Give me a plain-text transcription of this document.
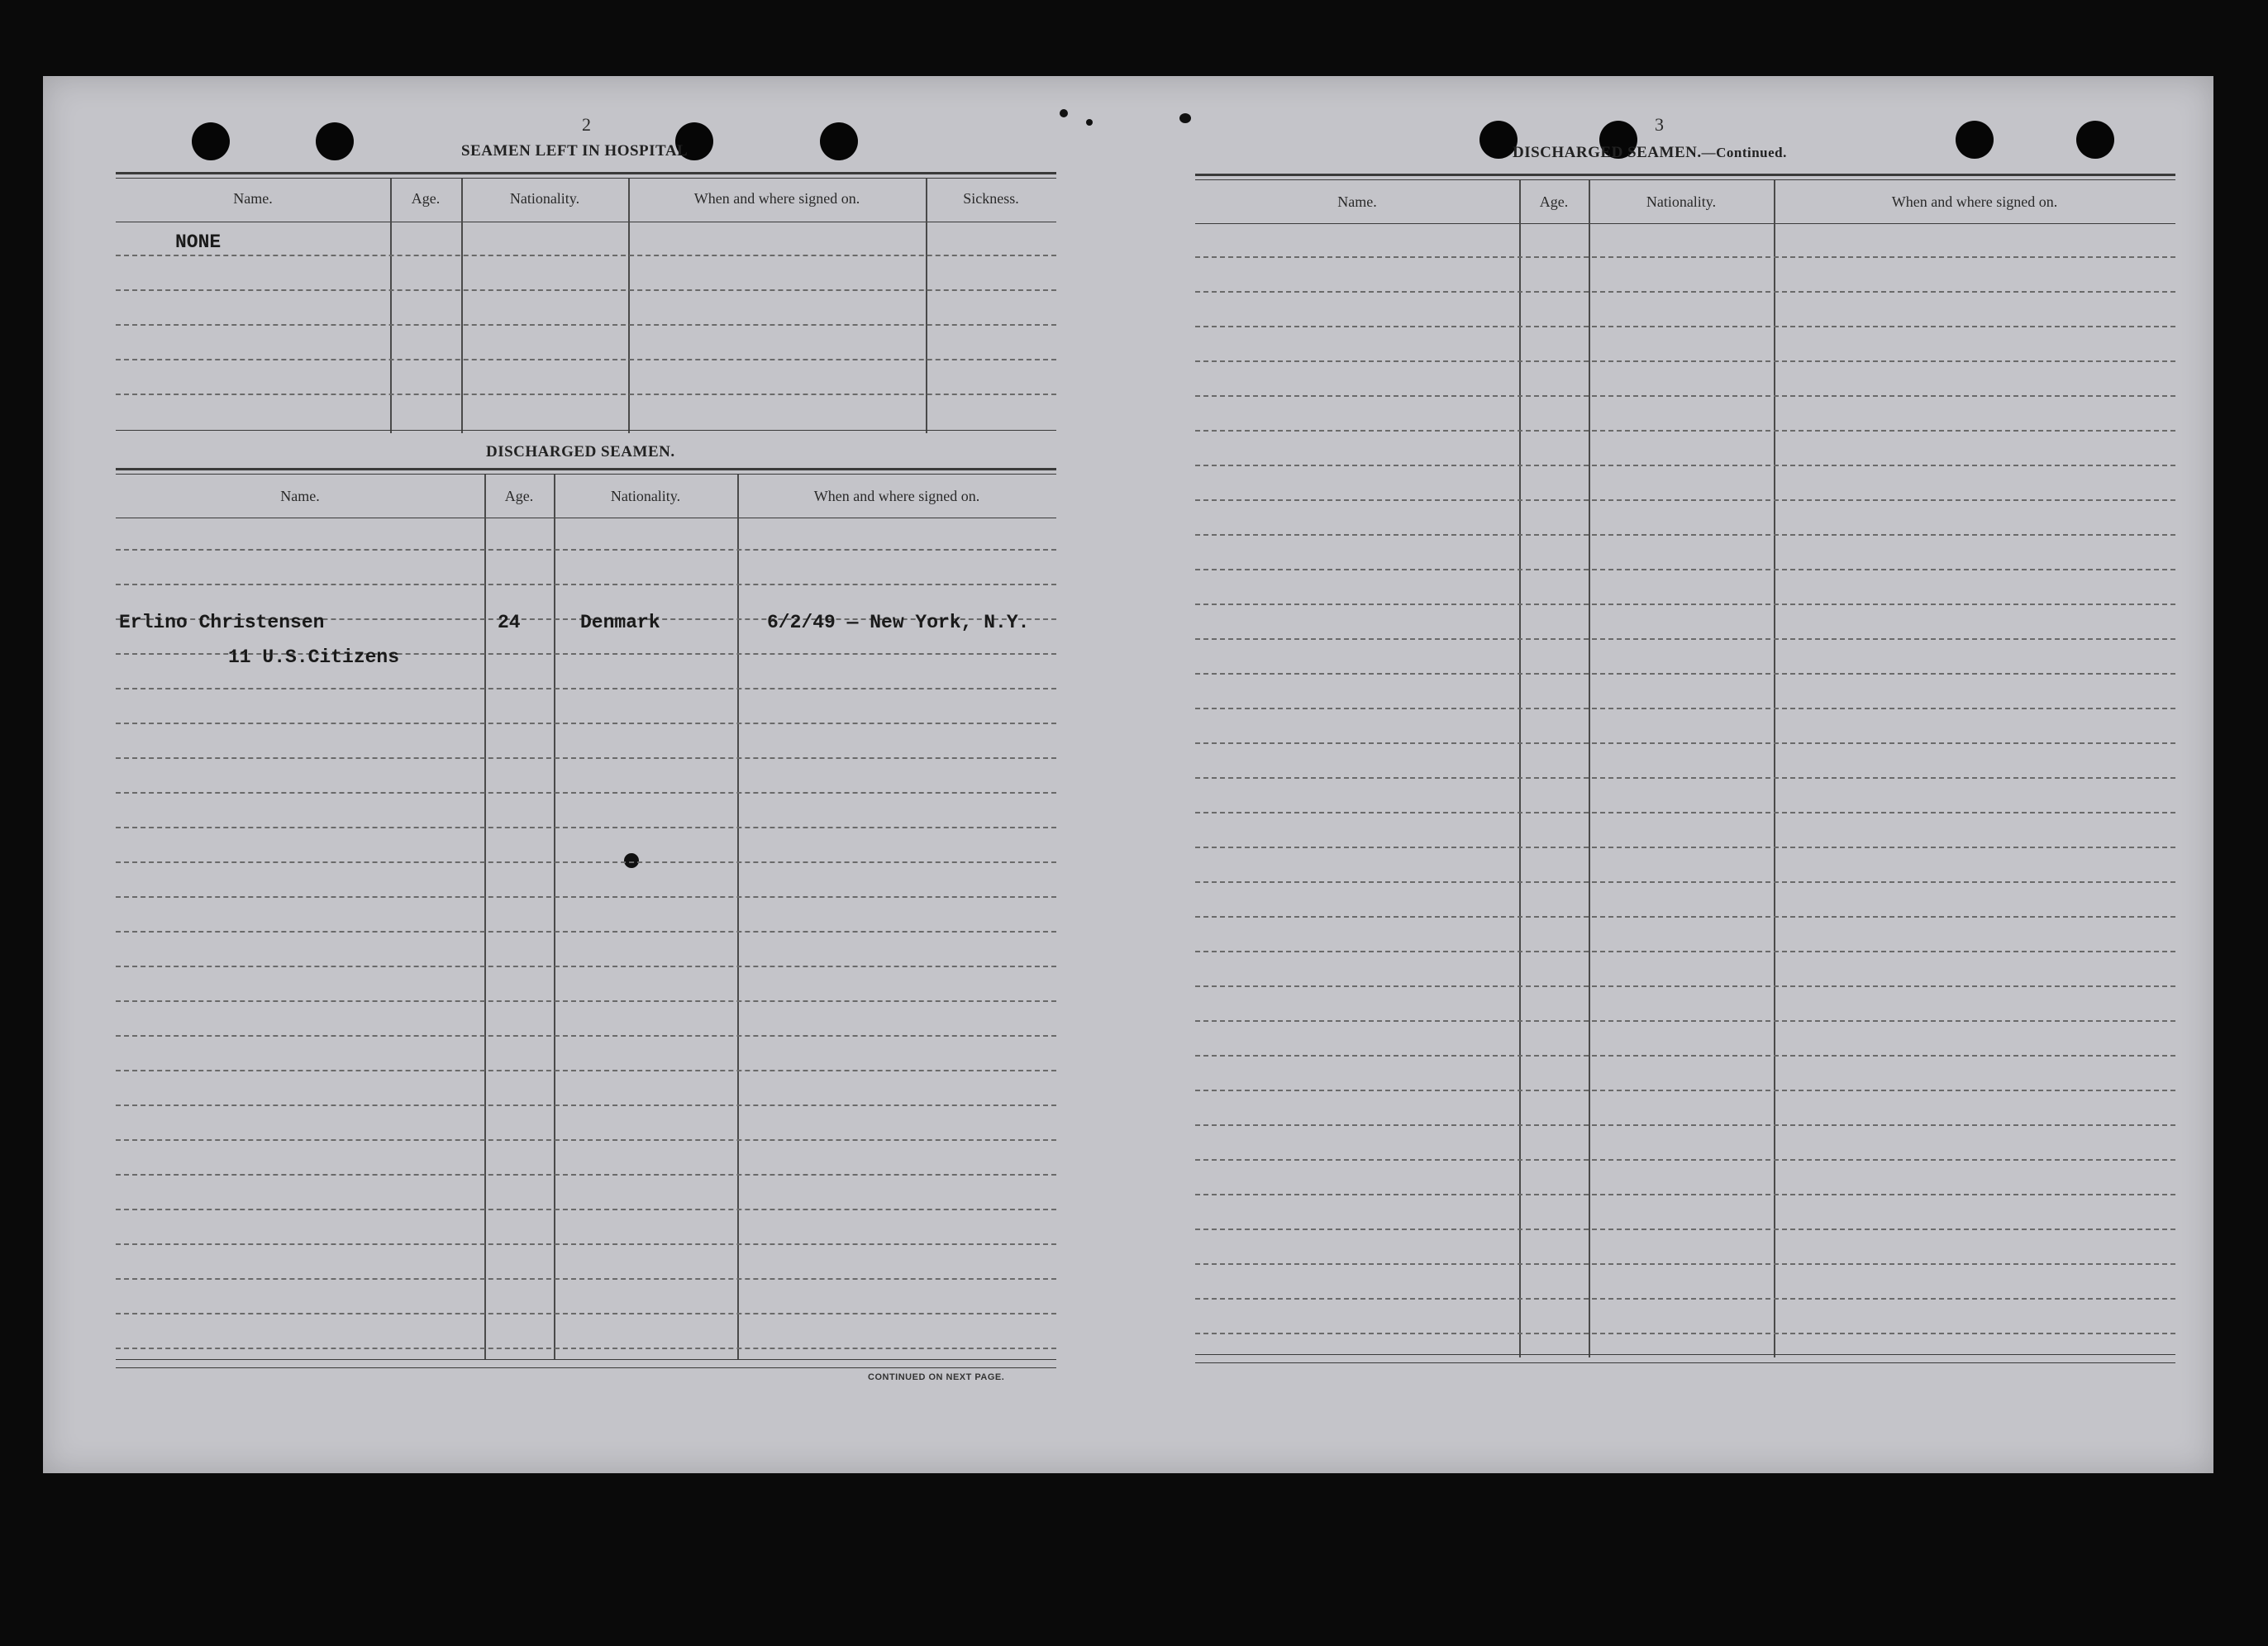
2
SEAMEN LEFT IN HOSPITAL
Name.	Age.	Nationality.	When and where signed on.	Sickness.
NONE
DISCHARGED SEAMEN.
Name.	Age.	Nationality.	When and where signed on.
Erlino Christensen	24	Denmark	6/2/49 — New York, N.Y.
11 U.S.Citizens
CONTINUED ON NEXT PAGE.
3
DISCHARGED SEAMEN.—Continued.
Name.	Age.	Nationality.	When and where signed on.
